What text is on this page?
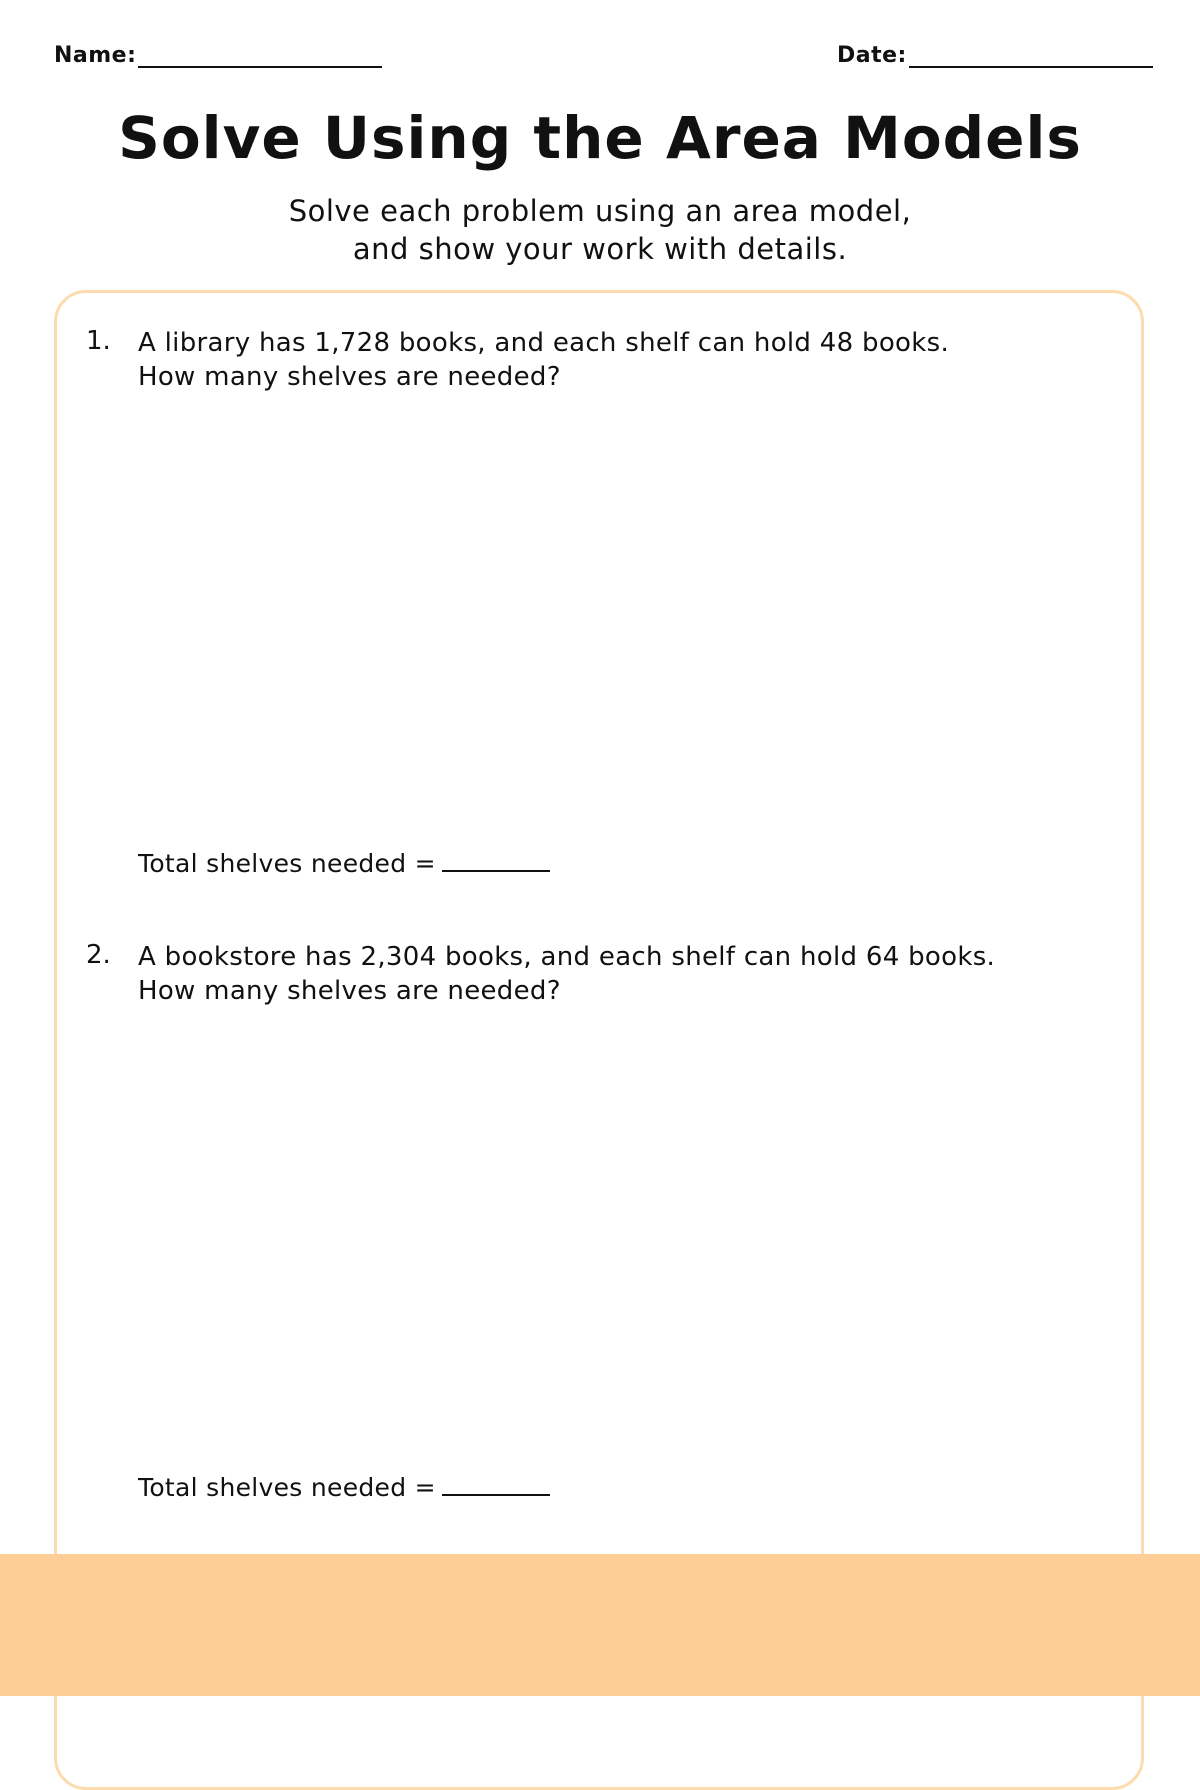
Name:	Date:
Solve Using the Area Models
Solve each problem using an area model,
and show your work with details.
1. A library has 1,728 books, and each shelf can hold 48 books.
How many shelves are needed?
Total shelves needed =
2. A bookstore has 2,304 books, and each shelf can hold 64 books.
How many shelves are needed?
Total shelves needed =
